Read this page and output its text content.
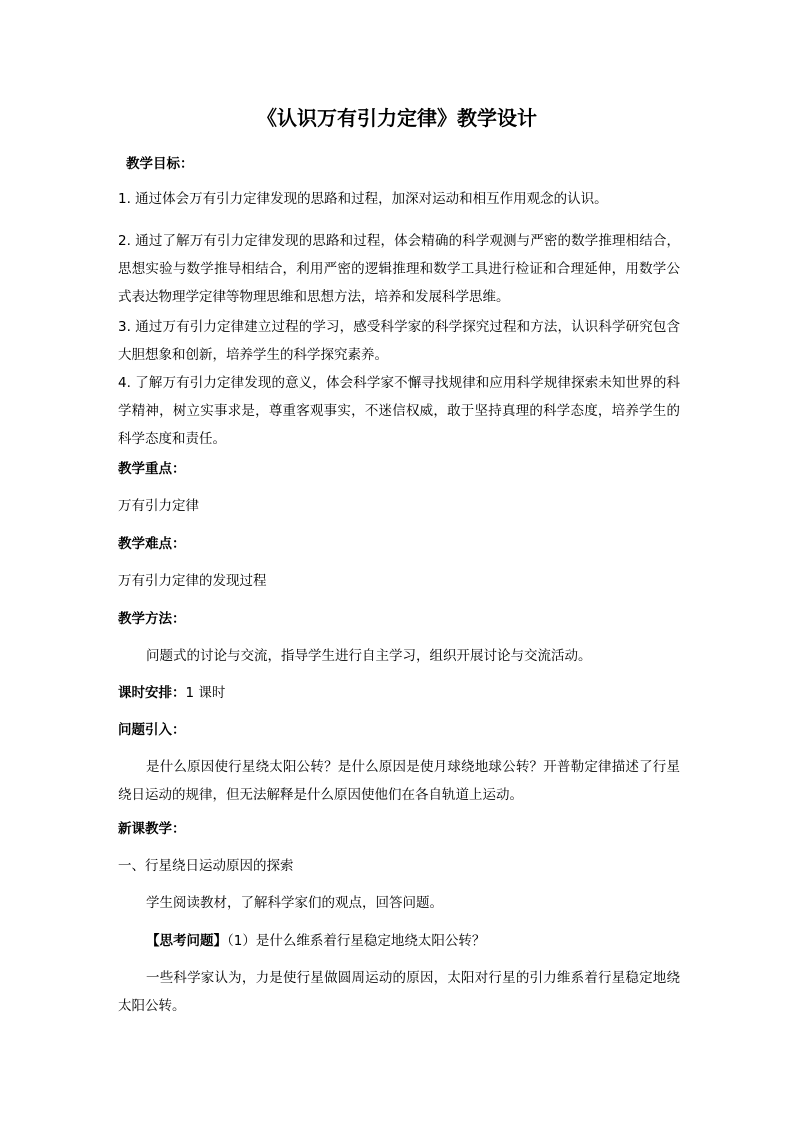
《认识万有引力定律》教学设计

教学目标：

1. 通过体会万有引力定律发现的思路和过程，加深对运动和相互作用观念的认识。

2. 通过了解万有引力定律发现的思路和过程，体会精确的科学观测与严密的数学推理相结合，思想实验与数学推导相结合，利用严密的逻辑推理和数学工具进行检证和合理延伸，用数学公式表达物理学定律等物理思维和思想方法，培养和发展科学思维。

3. 通过万有引力定律建立过程的学习，感受科学家的科学探究过程和方法，认识科学研究包含大胆想象和创新，培养学生的科学探究素养。

4. 了解万有引力定律发现的意义，体会科学家不懈寻找规律和应用科学规律探索未知世界的科学精神，树立实事求是，尊重客观事实，不迷信权威，敢于坚持真理的科学态度，培养学生的科学态度和责任。

教学重点：

万有引力定律

教学难点：

万有引力定律的发现过程

教学方法：

问题式的讨论与交流，指导学生进行自主学习，组织开展讨论与交流活动。

课时安排：1 课时

问题引入：

是什么原因使行星绕太阳公转？是什么原因是使月球绕地球公转？开普勒定律描述了行星绕日运动的规律，但无法解释是什么原因使他们在各自轨道上运动。

新课教学：

一、行星绕日运动原因的探索

学生阅读教材，了解科学家们的观点，回答问题。

【思考问题】（1）是什么维系着行星稳定地绕太阳公转？

一些科学家认为，力是使行星做圆周运动的原因，太阳对行星的引力维系着行星稳定地绕太阳公转。
